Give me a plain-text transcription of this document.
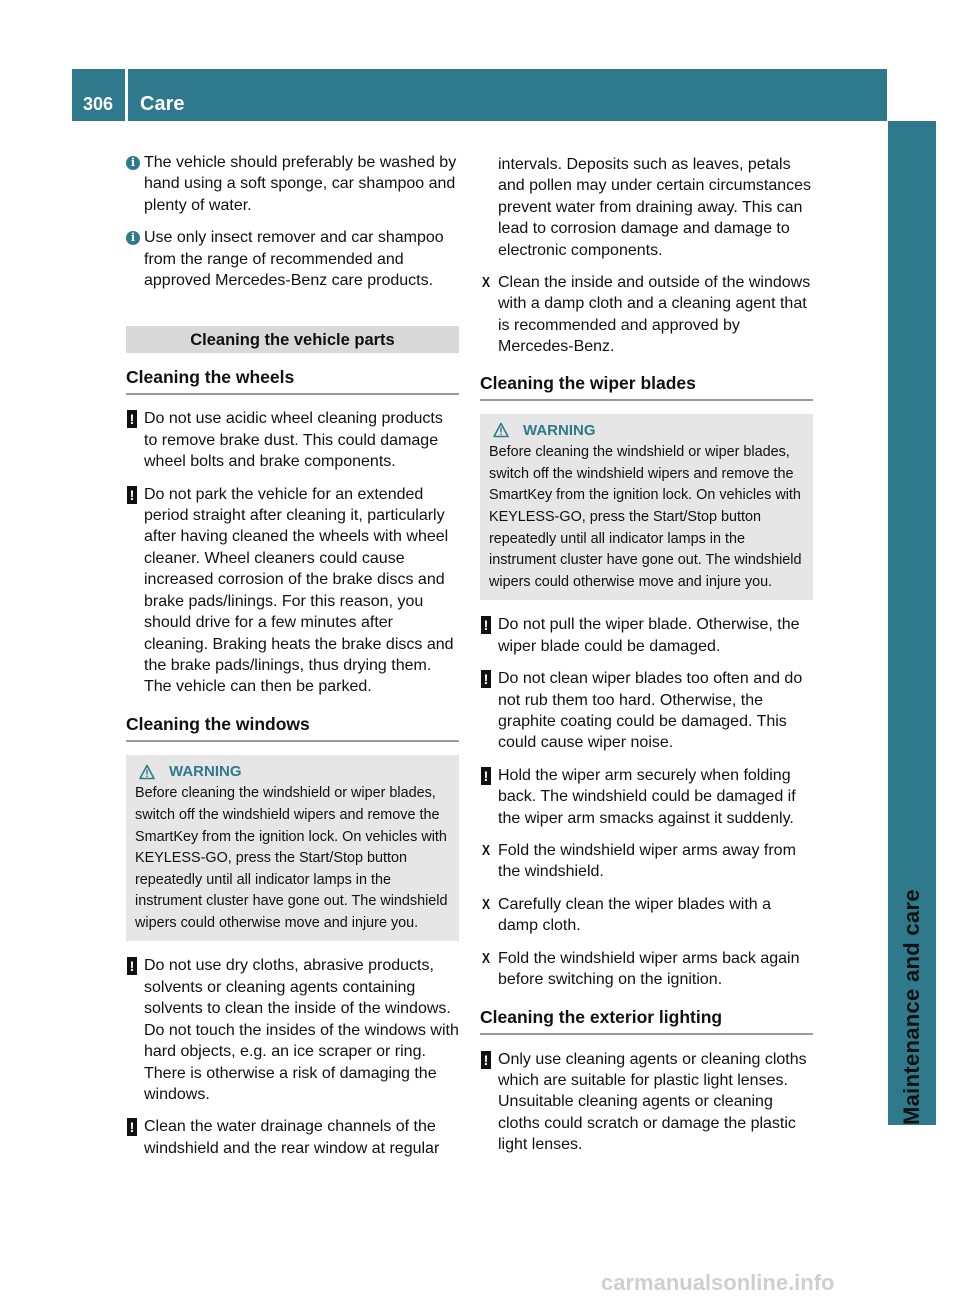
306	Care
Maintenance and care
i The vehicle should preferably be washed by hand using a soft sponge, car shampoo and plenty of water.
i Use only insect remover and car shampoo from the range of recommended and approved Mercedes-Benz care products.
Cleaning the vehicle parts
Cleaning the wheels
! Do not use acidic wheel cleaning products to remove brake dust. This could damage wheel bolts and brake components.
! Do not park the vehicle for an extended period straight after cleaning it, particularly after having cleaned the wheels with wheel cleaner. Wheel cleaners could cause increased corrosion of the brake discs and brake pads/linings. For this reason, you should drive for a few minutes after cleaning. Braking heats the brake discs and the brake pads/linings, thus drying them. The vehicle can then be parked.
Cleaning the windows
WARNING
Before cleaning the windshield or wiper blades, switch off the windshield wipers and remove the SmartKey from the ignition lock. On vehicles with KEYLESS-GO, press the Start/Stop button repeatedly until all indicator lamps in the instrument cluster have gone out. The windshield wipers could otherwise move and injure you.
! Do not use dry cloths, abrasive products, solvents or cleaning agents containing solvents to clean the inside of the windows. Do not touch the insides of the windows with hard objects, e.g. an ice scraper or ring. There is otherwise a risk of damaging the windows.
! Clean the water drainage channels of the windshield and the rear window at regular
intervals. Deposits such as leaves, petals and pollen may under certain circumstances prevent water from draining away. This can lead to corrosion damage and damage to electronic components.
X Clean the inside and outside of the windows with a damp cloth and a cleaning agent that is recommended and approved by Mercedes-Benz.
Cleaning the wiper blades
WARNING
Before cleaning the windshield or wiper blades, switch off the windshield wipers and remove the SmartKey from the ignition lock. On vehicles with KEYLESS-GO, press the Start/Stop button repeatedly until all indicator lamps in the instrument cluster have gone out. The windshield wipers could otherwise move and injure you.
! Do not pull the wiper blade. Otherwise, the wiper blade could be damaged.
! Do not clean wiper blades too often and do not rub them too hard. Otherwise, the graphite coating could be damaged. This could cause wiper noise.
! Hold the wiper arm securely when folding back. The windshield could be damaged if the wiper arm smacks against it suddenly.
X Fold the windshield wiper arms away from the windshield.
X Carefully clean the wiper blades with a damp cloth.
X Fold the windshield wiper arms back again before switching on the ignition.
Cleaning the exterior lighting
! Only use cleaning agents or cleaning cloths which are suitable for plastic light lenses. Unsuitable cleaning agents or cleaning cloths could scratch or damage the plastic light lenses.
carmanualsonline.info
